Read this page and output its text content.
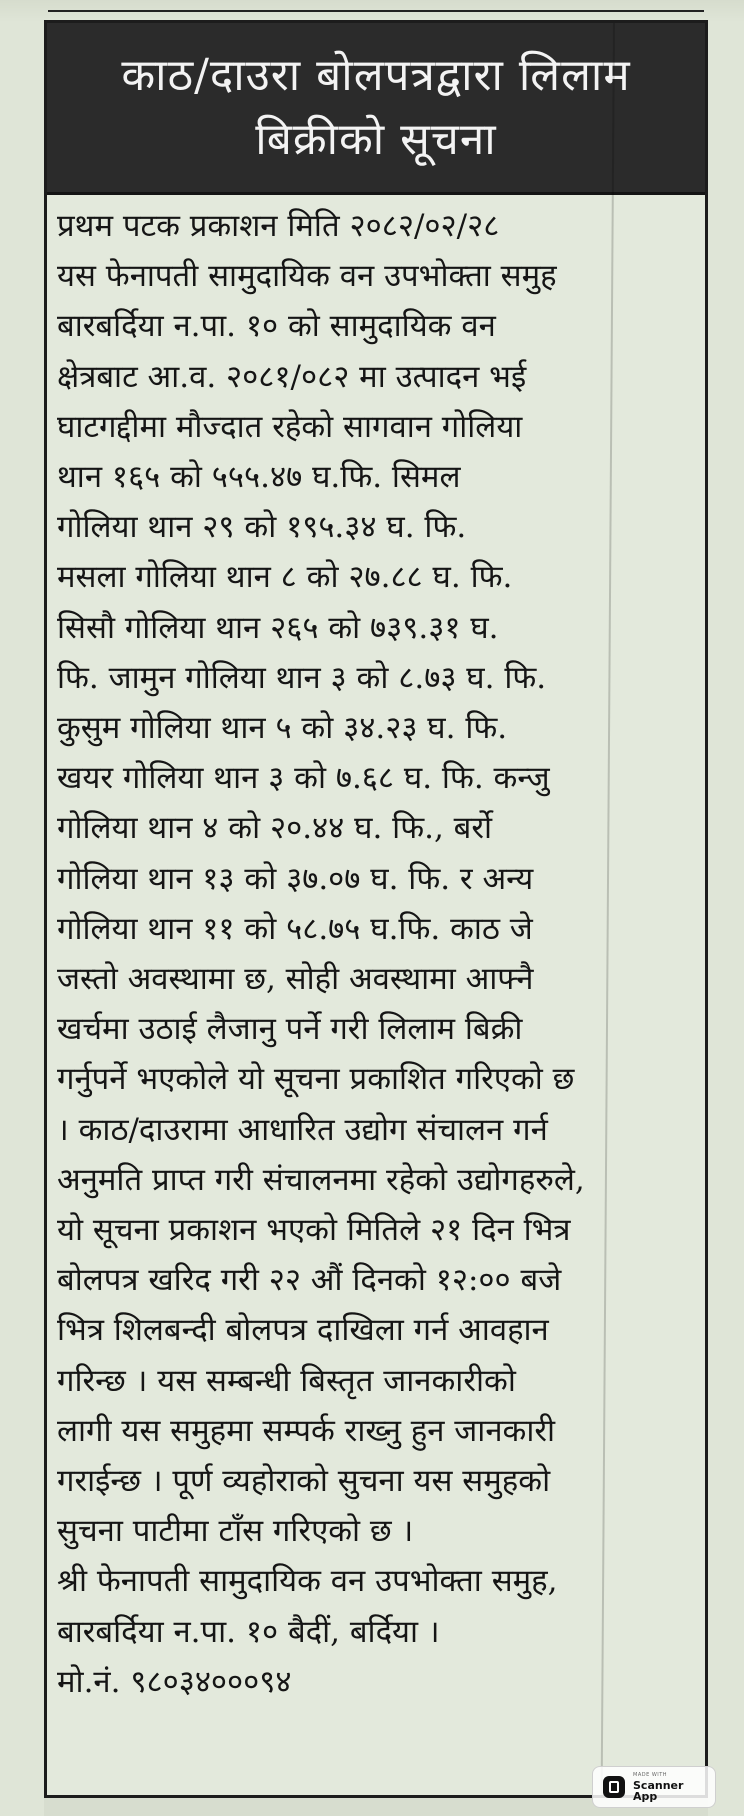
काठ/दाउरा बोलपत्रद्वारा लिलाम
बिक्रीको सूचना
प्रथम पटक प्रकाशन मिति २०८२/०२/२८
यस फेनापती सामुदायिक वन उपभोक्ता समुह
बारबर्दिया न.पा. १० को सामुदायिक वन
क्षेत्रबाट आ.व. २०८१/०८२ मा उत्पादन भई
घाटगद्दीमा मौज्दात रहेको सागवान गोलिया
थान १६५ को ५५५.४७ घ.फि. सिमल
गोलिया थान २९ को १९५.३४ घ. फि.
मसला गोलिया थान ८ को २७.८८ घ. फि.
सिसौ गोलिया थान २६५ को ७३९.३१ घ.
फि. जामुन गोलिया थान ३ को ८.७३ घ. फि.
कुसुम गोलिया थान ५ को ३४.२३ घ. फि.
खयर गोलिया थान ३ को ७.६८ घ. फि. कन्जु
गोलिया थान ४ को २०.४४ घ. फि., बर्रो
गोलिया थान १३ को ३७.०७ घ. फि. र अन्य
गोलिया थान ११ को ५८.७५ घ.फि. काठ जे
जस्तो अवस्थामा छ, सोही अवस्थामा आफ्नै
खर्चमा उठाई लैजानु पर्ने गरी लिलाम बिक्री
गर्नुपर्ने भएकोले यो सूचना प्रकाशित गरिएको छ
। काठ/दाउरामा आधारित उद्योग संचालन गर्न
अनुमति प्राप्त गरी संचालनमा रहेको उद्योगहरुले,
यो सूचना प्रकाशन भएको मितिले २१ दिन भित्र
बोलपत्र खरिद गरी २२ औं दिनको १२:०० बजे
भित्र शिलबन्दी बोलपत्र दाखिला गर्न आवहान
गरिन्छ । यस सम्बन्धी बिस्तृत जानकारीको
लागी यस समुहमा सम्पर्क राख्नु हुन जानकारी
गराईन्छ । पूर्ण व्यहोराको सुचना यस समुहको
सुचना पाटीमा टाँस गरिएको छ ।
श्री फेनापती सामुदायिक वन उपभोक्ता समुह,
बारबर्दिया न.पा. १० बैदीं, बर्दिया ।
मो.नं. ९८०३४०००९४
MADE WITH
Scanner App
